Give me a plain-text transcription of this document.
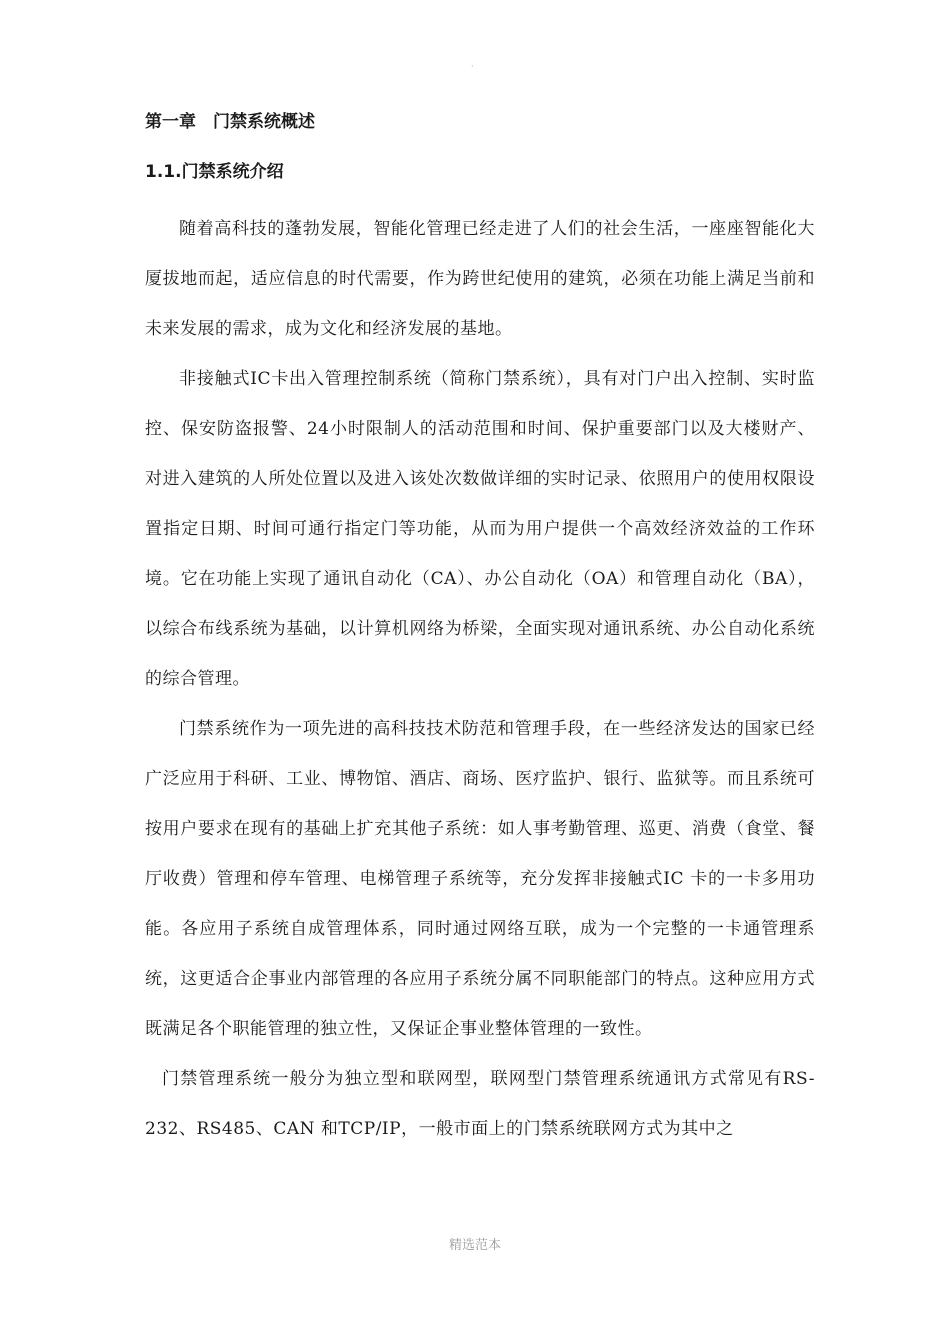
·
第一章　门禁系统概述
1.1.门禁系统介绍

随着高科技的蓬勃发展，智能化管理已经走进了人们的社会生活，一座座智能化大厦拔地而起，适应信息的时代需要，作为跨世纪使用的建筑，必须在功能上满足当前和未来发展的需求，成为文化和经济发展的基地。

非接触式IC卡出入管理控制系统（简称门禁系统），具有对门户出入控制、实时监控、保安防盗报警、24小时限制人的活动范围和时间、保护重要部门以及大楼财产、对进入建筑的人所处位置以及进入该处次数做详细的实时记录、依照用户的使用权限设置指定日期、时间可通行指定门等功能，从而为用户提供一个高效经济效益的工作环境。它在功能上实现了通讯自动化（CA）、办公自动化（OA）和管理自动化（BA），以综合布线系统为基础，以计算机网络为桥梁，全面实现对通讯系统、办公自动化系统的综合管理。

门禁系统作为一项先进的高科技技术防范和管理手段，在一些经济发达的国家已经广泛应用于科研、工业、博物馆、酒店、商场、医疗监护、银行、监狱等。而且系统可按用户要求在现有的基础上扩充其他子系统：如人事考勤管理、巡更、消费（食堂、餐厅收费）管理和停车管理、电梯管理子系统等，充分发挥非接触式IC 卡的一卡多用功能。各应用子系统自成管理体系，同时通过网络互联，成为一个完整的一卡通管理系统，这更适合企事业内部管理的各应用子系统分属不同职能部门的特点。这种应用方式既满足各个职能管理的独立性，又保证企事业整体管理的一致性。

门禁管理系统一般分为独立型和联网型，联网型门禁管理系统通讯方式常见有RS-232、RS485、CAN 和TCP/IP，一般市面上的门禁系统联网方式为其中之

精选范本
